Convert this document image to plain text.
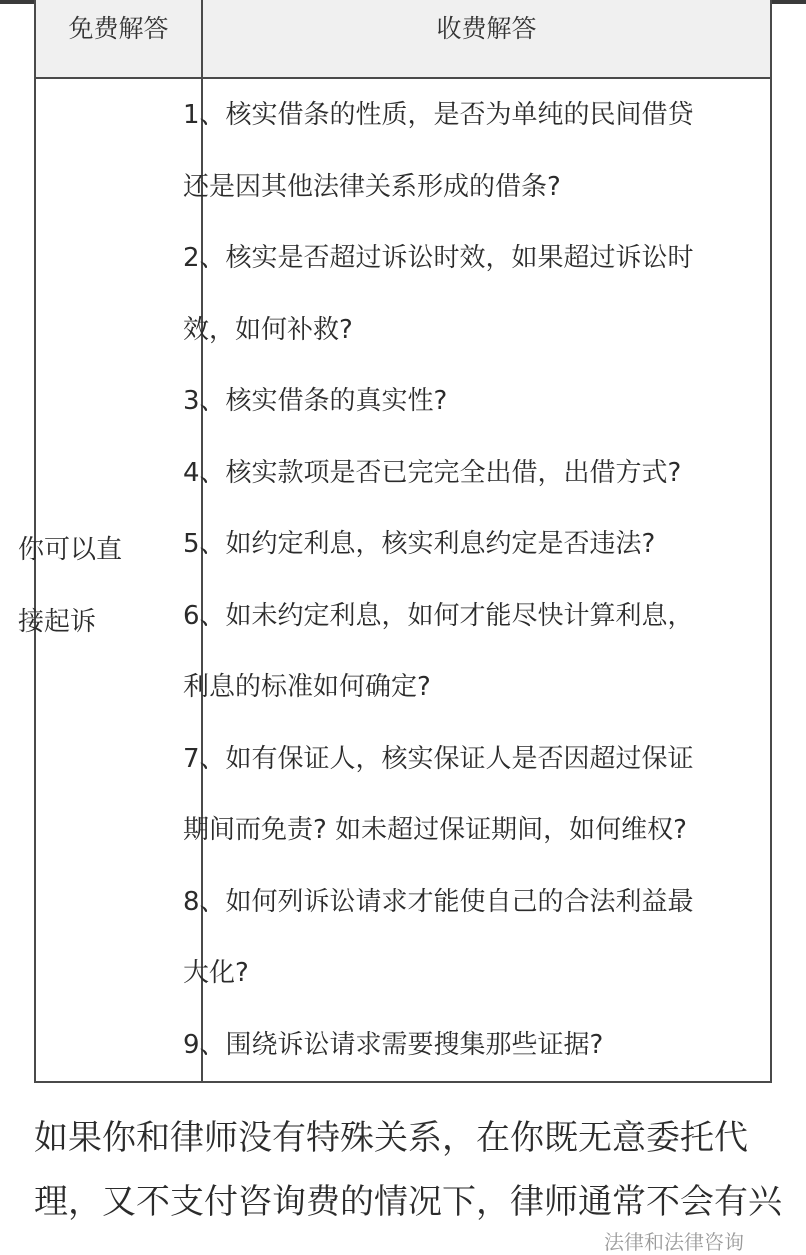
免费解答	收费解答
你可以直
接起诉
1、核实借条的性质，是否为单纯的民间借贷
还是因其他法律关系形成的借条?
2、核实是否超过诉讼时效，如果超过诉讼时
效，如何补救?
3、核实借条的真实性?
4、核实款项是否已完完全出借，出借方式?
5、如约定利息，核实利息约定是否违法?
6、如未约定利息，如何才能尽快计算利息，
利息的标准如何确定?
7、如有保证人，核实保证人是否因超过保证
期间而免责? 如未超过保证期间，如何维权?
8、如何列诉讼请求才能使自己的合法利益最
大化?
9、围绕诉讼请求需要搜集那些证据?
如果你和律师没有特殊关系，在你既无意委托代
理，又不支付咨询费的情况下，律师通常不会有兴
法律和法律咨询
